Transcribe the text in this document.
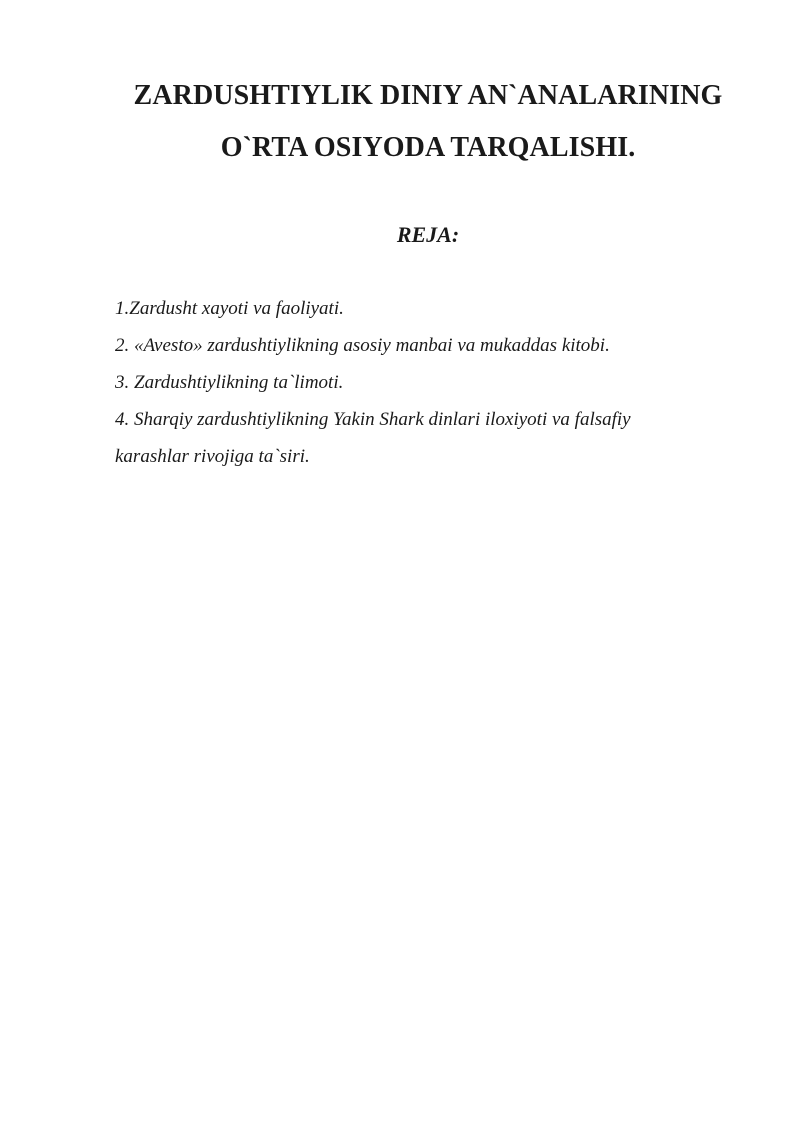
ZARDUSHTIYLIK DINIY AN`ANALARINING
O`RTA OSIYODA TARQALISHI.
REJA:
1.Zardusht xayoti va faoliyati.
2. «Avesto» zardushtiylikning asosiy manbai va mukaddas kitobi.
3. Zardushtiylikning ta`limoti.
4. Sharqiy zardushtiylikning Yakin Shark dinlari iloxiyoti va falsafiy
karashlar rivojiga ta`siri.
